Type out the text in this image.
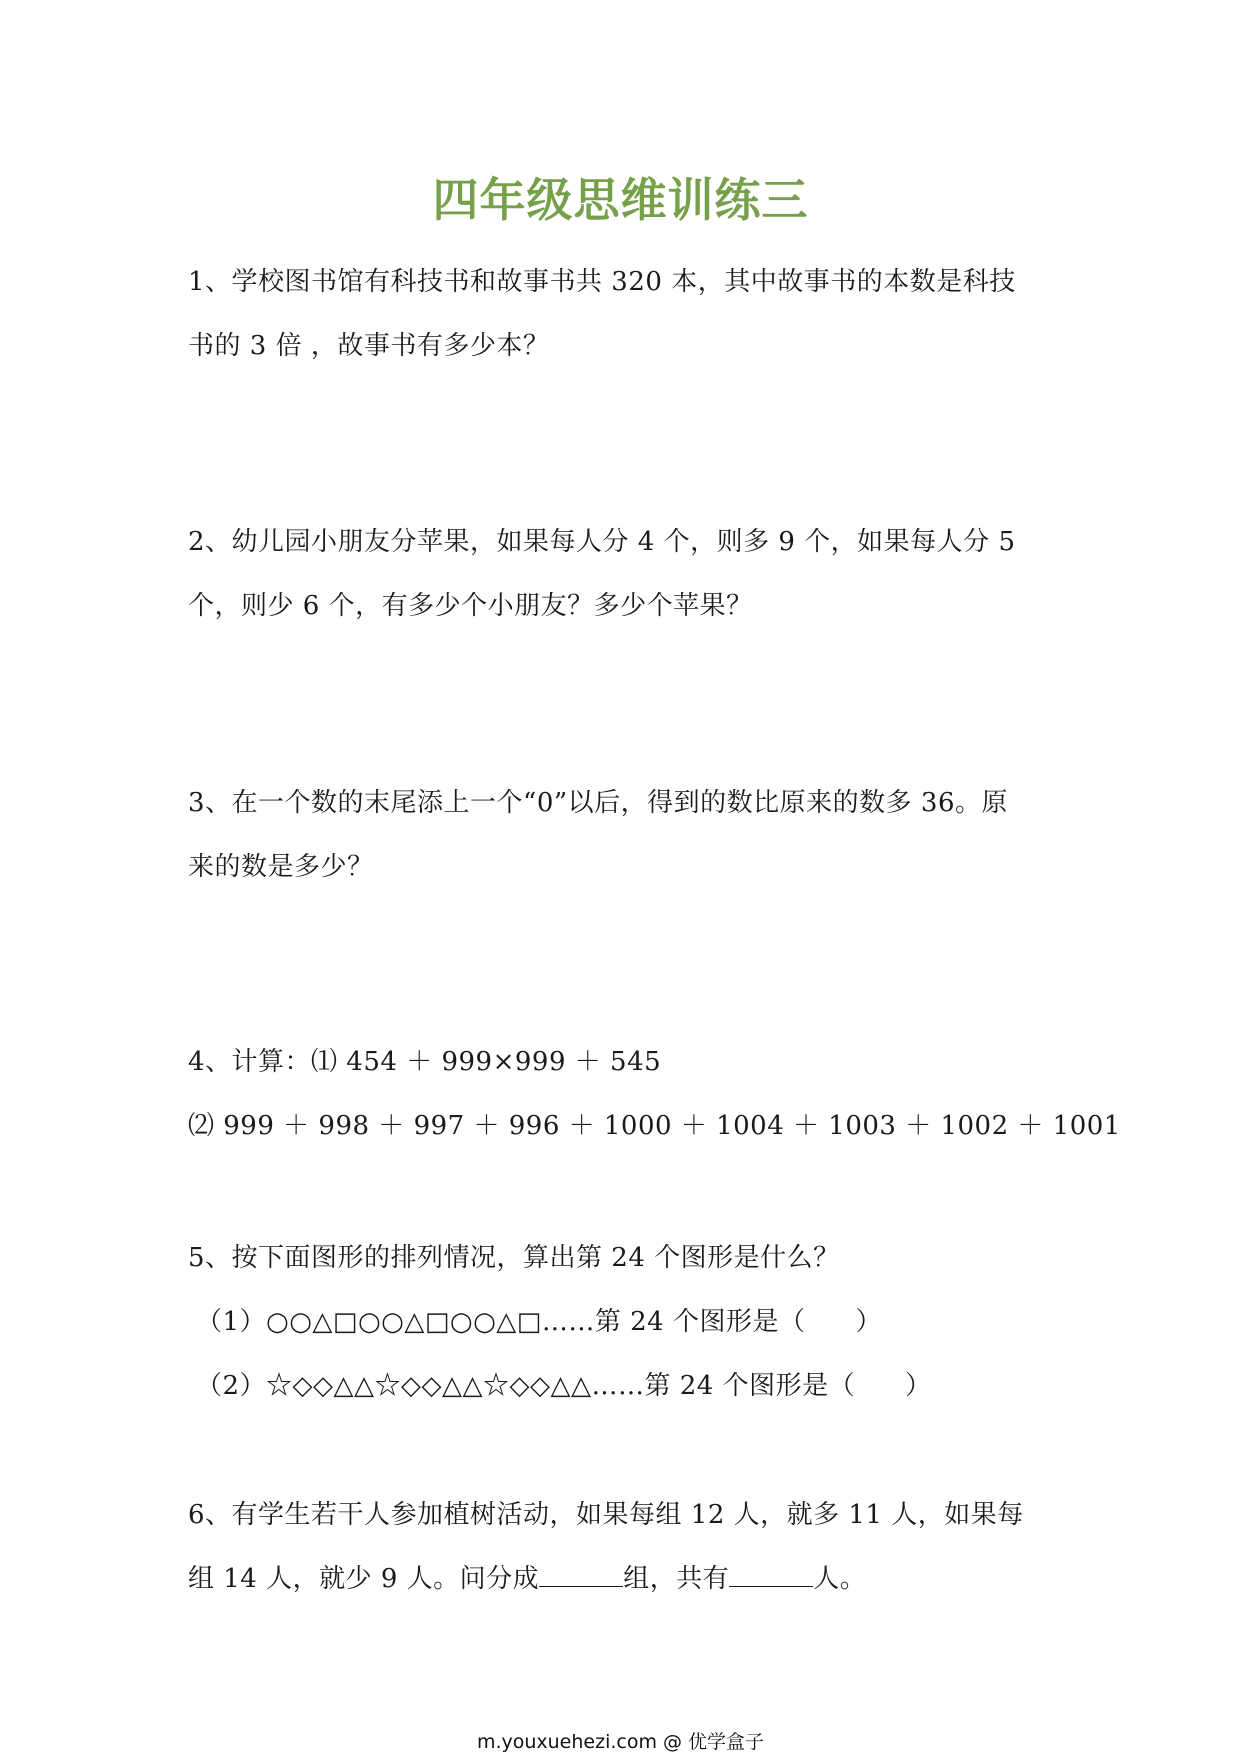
四年级思维训练三
1、学校图书馆有科技书和故事书共 320 本，其中故事书的本数是科技
书的 3 倍 ，故事书有多少本？
2、幼儿园小朋友分苹果，如果每人分 4 个，则多 9 个，如果每人分 5
个，则少 6 个，有多少个小朋友？多少个苹果？
3、在一个数的末尾添上一个“0”以后，得到的数比原来的数多 36。原
来的数是多少？
4、计算：⑴ 454 ＋ 999×999 ＋ 545
⑵ 999 ＋ 998 ＋ 997 ＋ 996 ＋ 1000 ＋ 1004 ＋ 1003 ＋ 1002 ＋ 1001
5、按下面图形的排列情况，算出第 24 个图形是什么？
（1）○○△□○○△□○○△□……第 24 个图形是（ ）
（2）☆◇◇△△☆◇◇△△☆◇◇△△……第 24 个图形是（ ）
6、有学生若干人参加植树活动，如果每组 12 人，就多 11 人，如果每
组 14 人，就少 9 人。问分成	组，共有	人。
m.youxuehezi.com @ 优学盒子
